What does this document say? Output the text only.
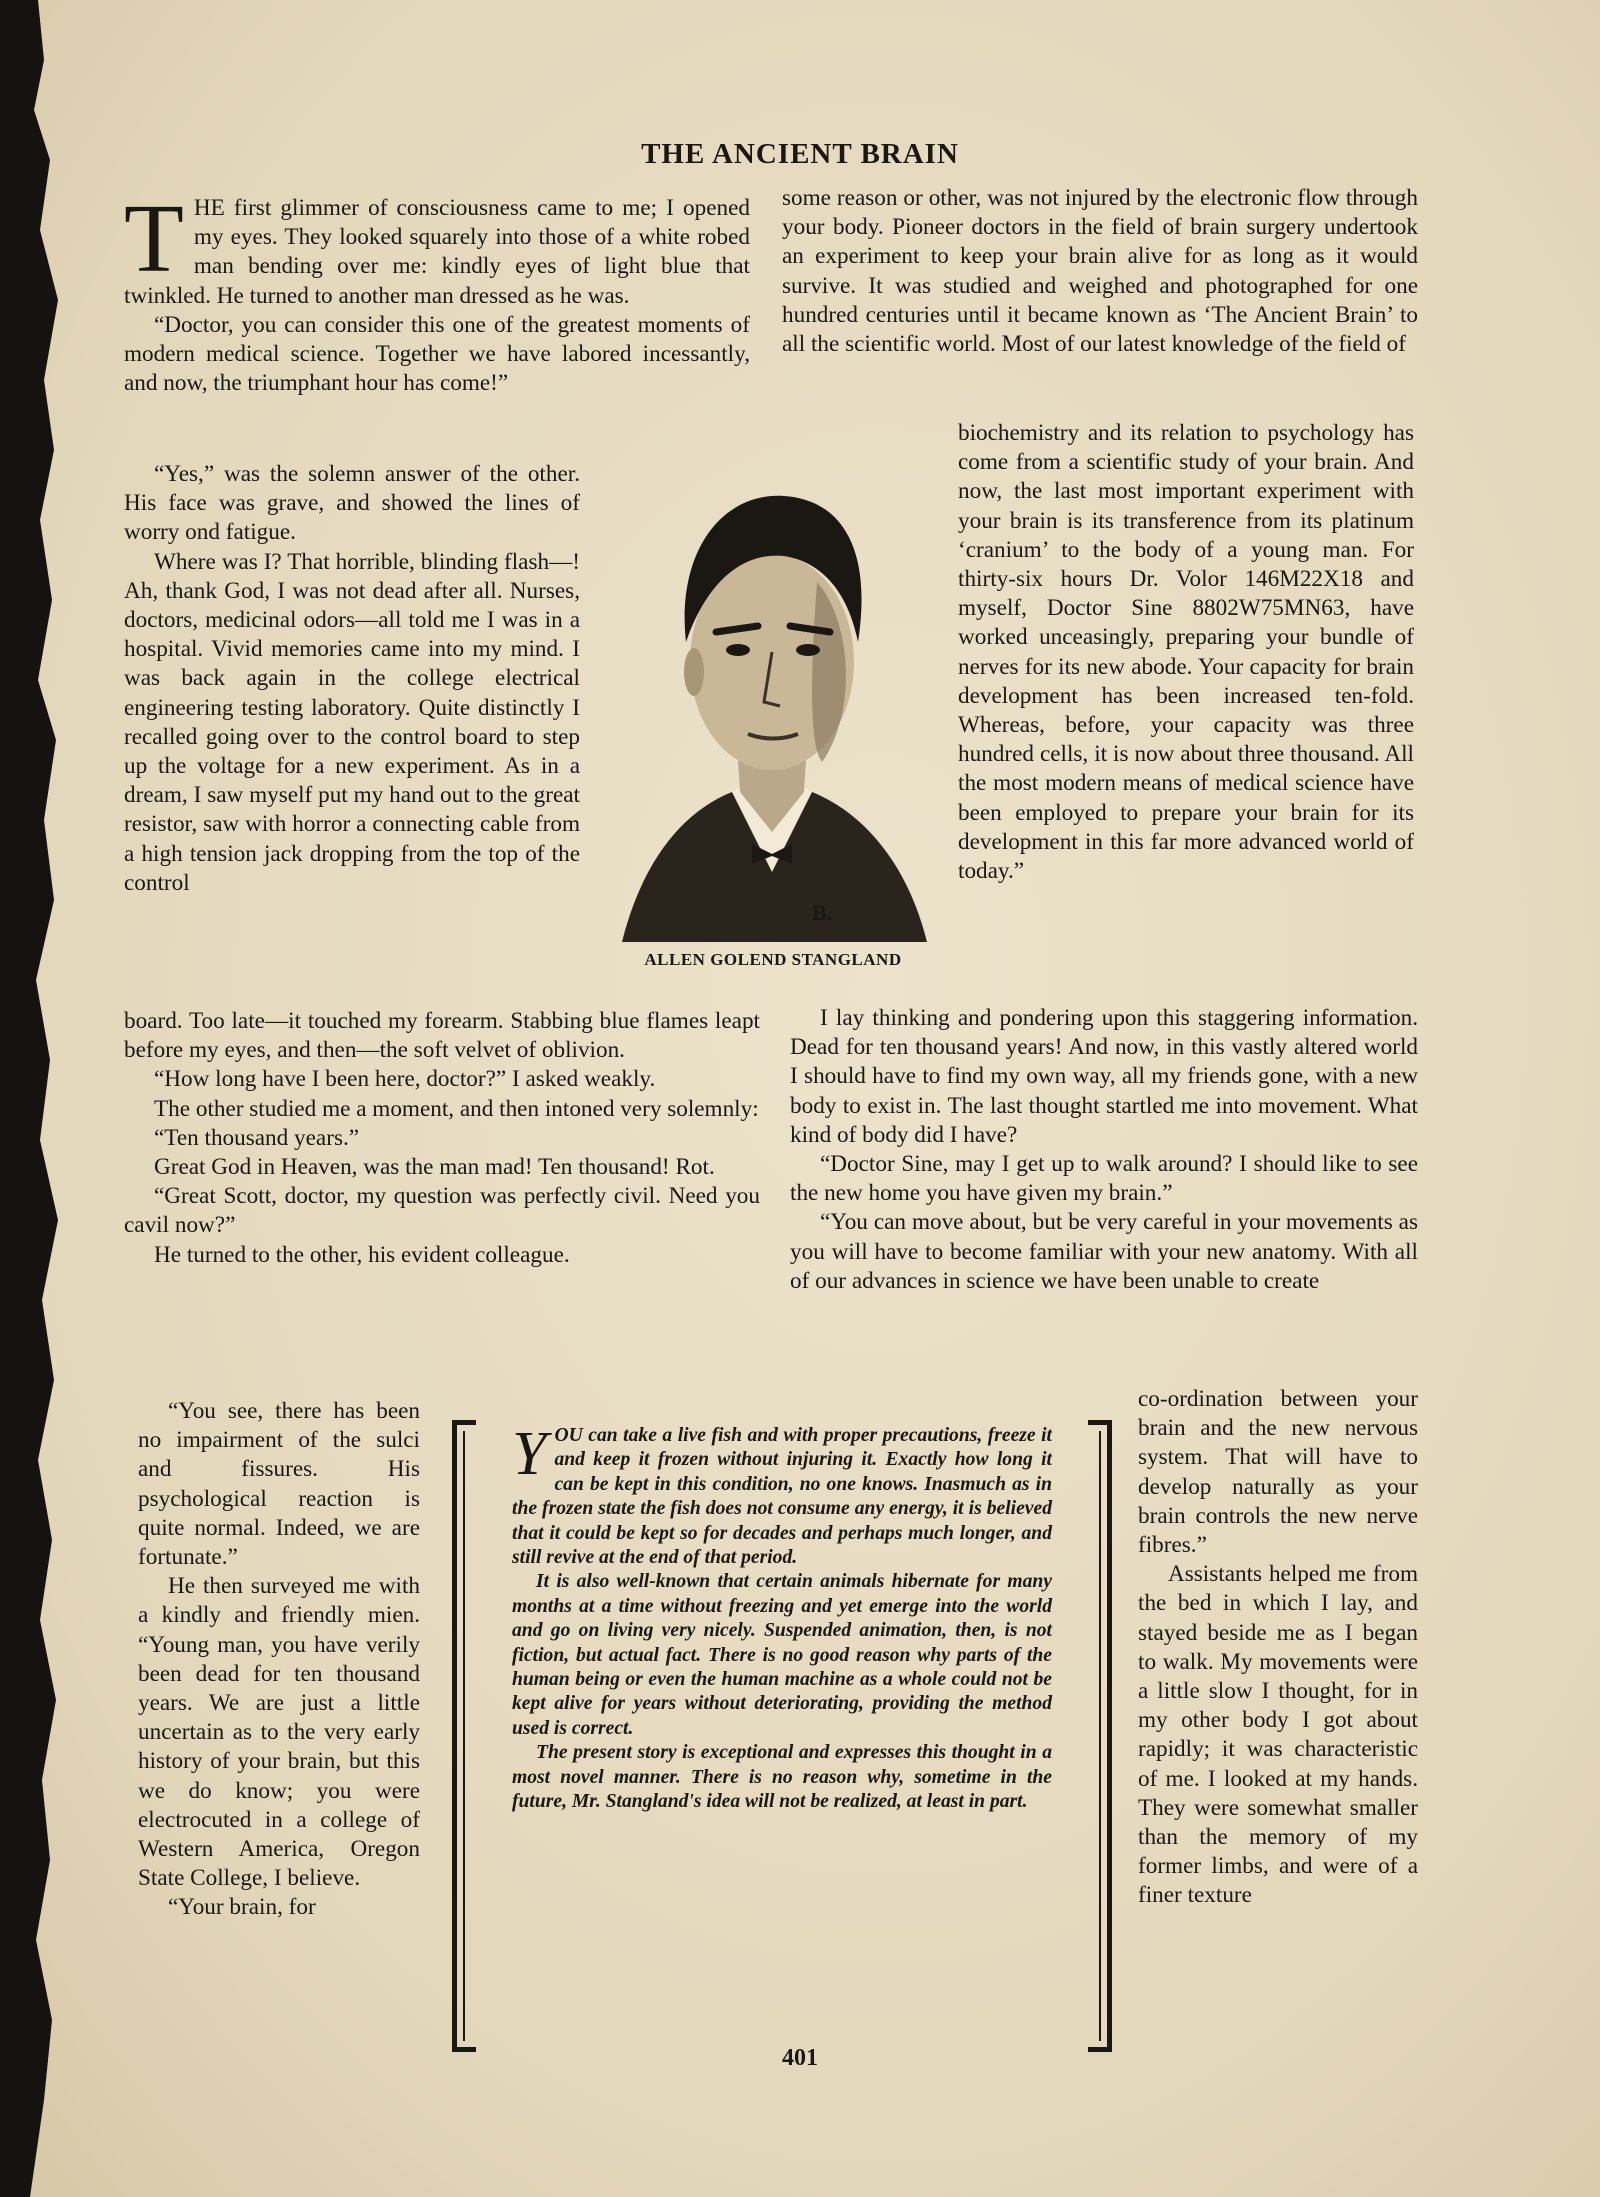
THE ANCIENT BRAIN

THE first glimmer of consciousness came to me; I opened my eyes. They looked squarely into those of a white robed man bending over me: kindly eyes of light blue that twinkled. He turned to another man dressed as he was.

“Doctor, you can consider this one of the greatest moments of modern medical science. Together we have labored incessantly, and now, the triumphant hour has come!”

“Yes,” was the solemn answer of the other. His face was grave, and showed the lines of worry ond fatigue.

Where was I? That horrible, blinding flash—! Ah, thank God, I was not dead after all. Nurses, doctors, medicinal odors—all told me I was in a hospital. Vivid memories came into my mind. I was back again in the college electrical engineering testing laboratory. Quite distinctly I recalled going over to the control board to step up the voltage for a new experiment. As in a dream, I saw myself put my hand out to the great resistor, saw with horror a connecting cable from a high tension jack dropping from the top of the control

board. Too late—it touched my forearm. Stabbing blue flames leapt before my eyes, and then—the soft velvet of oblivion.

“How long have I been here, doctor?” I asked weakly.

The other studied me a moment, and then intoned very solemnly:

“Ten thousand years.”

Great God in Heaven, was the man mad! Ten thousand! Rot.

“Great Scott, doctor, my question was perfectly civil. Need you cavil now?”

He turned to the other, his evident colleague.

“You see, there has been no impairment of the sulci and fissures. His psychological reaction is quite normal. Indeed, we are fortunate.”

He then surveyed me with a kindly and friendly mien. “Young man, you have verily been dead for ten thousand years. We are just a little uncertain as to the very early history of your brain, but this we do know; you were electrocuted in a college of Western America, Oregon State College, I believe.

“Your brain, for

some reason or other, was not injured by the electronic flow through your body. Pioneer doctors in the field of brain surgery undertook an experiment to keep your brain alive for as long as it would survive. It was studied and weighed and photographed for one hundred centuries until it became known as ‘The Ancient Brain’ to all the scientific world. Most of our latest knowledge of the field of

biochemistry and its relation to psychology has come from a scientific study of your brain. And now, the last most important experiment with your brain is its transference from its platinum ‘cranium’ to the body of a young man. For thirty-six hours Dr. Volor 146M22X18 and myself, Doctor Sine 8802W75MN63, have worked unceasingly, preparing your bundle of nerves for its new abode. Your capacity for brain development has been increased ten-fold. Whereas, before, your capacity was three hundred cells, it is now about three thousand. All the most modern means of medical science have been employed to prepare your brain for its development in this far more advanced world of today.”

I lay thinking and pondering upon this staggering information. Dead for ten thousand years! And now, in this vastly altered world I should have to find my own way, all my friends gone, with a new body to exist in. The last thought startled me into movement. What kind of body did I have?

“Doctor Sine, may I get up to walk around? I should like to see the new home you have given my brain.”

“You can move about, but be very careful in your movements as you will have to become familiar with your new anatomy. With all of our advances in science we have been unable to create

co-ordination between your brain and the new nervous system. That will have to develop naturally as your brain controls the new nerve fibres.”

Assistants helped me from the bed in which I lay, and stayed beside me as I began to walk. My movements were a little slow I thought, for in my other body I got about rapidly; it was characteristic of me. I looked at my hands. They were somewhat smaller than the memory of my former limbs, and were of a finer texture

B.
ALLEN GOLEND STANGLAND

YOU can take a live fish and with proper precautions, freeze it and keep it frozen without injuring it. Exactly how long it can be kept in this condition, no one knows. Inasmuch as in the frozen state the fish does not consume any energy, it is believed that it could be kept so for decades and perhaps much longer, and still revive at the end of that period.

It is also well-known that certain animals hibernate for many months at a time without freezing and yet emerge into the world and go on living very nicely. Suspended animation, then, is not fiction, but actual fact. There is no good reason why parts of the human being or even the human machine as a whole could not be kept alive for years without deteriorating, providing the method used is correct.

The present story is exceptional and expresses this thought in a most novel manner. There is no reason why, sometime in the future, Mr. Stangland's idea will not be realized, at least in part.

401
